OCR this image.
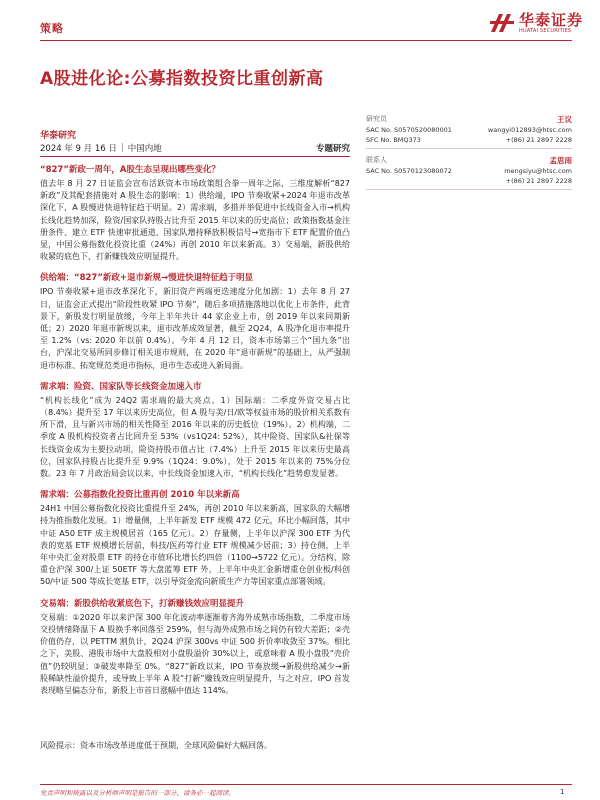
策略	华泰证券
HUATAI SECURITIES
A股进化论:公募指数投资比重创新高
华泰研究
2024 年 9 月 16 日 | 中国内地	专题研究
研究员	王议
SAC No. S0570520080001	wangyi012893@htsc.com
SFC No. BMQ373	+(86) 21 2897 2228
联系人	孟思雨
SAC No. S0570123080072	mengsiyu@htsc.com
+(86) 21 2897 2228
“827”新政一周年，A股生态呈现出哪些变化？
值去年 8 月 27 日证监会宣布活跃资本市场政策组合拳一周年之际，三维度解析“827 新政”及其配套措施对 A 股生态的影响：1）供给端，IPO 节奏收紧+2024 年退市改革深化下，A 股慢进快退特征趋于明显。2）需求端，多措并举促进中长线资金入市→机构长线化趋势加深，险资/国家队持股占比升至 2015 年以来的历史高位；政策指数基金注册条件、建立 ETF 快速审批通道、国家队增持释放积极信号→宽指市下 ETF 配置价值凸显，中国公募指数化投资比重（24%）再创 2010 年以来新高。3）交易端，新股供给收紧的底色下，打新赚钱效应明显提升。
供给端：“827”新政+退市新规→慢进快退特征趋于明显
IPO 节奏收紧+退市改革深化下，新旧资产两端更迭速度分化加剧：1）去年 8 月 27 日，证监会正式提出“阶段性收紧 IPO 节奏”，随后多项措施落地以优化上市条件，此背景下，新股发行明显放缓，今年上半年共计 44 家企业上市，创 2019 年以来同期新低；2）2020 年退市新规以来，退市改革成效显著，截至 2Q24，A 股净化退市率提升至 1.2%（vs: 2020 年以前 0.4%）。今年 4 月 12 日，资本市场第三个“国九条”出台，沪深北交易所同步修订相关退市规则，在 2020 年“退市新规”的基础上，从严强制退市标准、拓宽规范类退市指标，退市生态或进入新局面。
需求端：险资、国家队等长线资金加速入市
“机构长线化”成为 24Q2 需求端的最大亮点。1）国际端：二季度外资交易占比（8.4%）提升至 17 年以来历史高位，但 A 股与美/日/欧等权益市场的股价相关系数有所下滑，且与新兴市场的相关性降至 2016 年以来的历史低位（19%）。2）机构端，二季度 A 股机构投资者占比回升至 53%（vs1Q24: 52%），其中险资、国家队&社保等长线资金成为主要拉动项，险资持股市值占比（7.4%）上升至 2015 年以来历史最高位，国家队持股占比提升至 9.9%（1Q24：9.0%），处于 2015 年以来的 75%分位数。23 年 7 月政治局会议以来，中长线资金加速入市，“机构长线化”趋势愈发显著。
需求端：公募指数化投资比重再创 2010 年以来新高
24H1 中国公募指数化投资比重提升至 24%，再创 2010 年以来新高，国家队的大幅增持为推指数化发展。1）增量侧，上半年新发 ETF 规模 472 亿元，环比小幅回落，其中中证 A50 ETF 成主规模居首（165 亿元）。2）存量侧，上半年以沪深 300 ETF 为代表的宽基 ETF 规模增长居前，科技/医药等行业 ETF 规模减少居前；3）持仓侧，上半年中央汇金对股票 ETF 的持仓市值环比增长约四倍（1100→5722 亿元）。分结构，除重仓沪深 300/上证 50ETF 等大盘蓝筹 ETF 外，上半年中央汇金新增重仓创业板/科创 50/中证 500 等成长宽基 ETF，以引导资金流向新质生产力等国家重点部署领域。
交易端：新股供给收紧底色下，打新赚钱效应明显提升
交易端：①2020 年以来沪深 300 年化波动率逐渐着齐海外成熟市场指数，二季度市场交投情绪降温下 A 股换手率回落至 259%，但与海外成熟市场之间仍有较大差距；②壳价值仍存，以 PETTM 割负计，2Q24 沪深 300vs 中证 500 折价率收敛至 37%。相比之下，美股、港股市场中大盘股相对小盘股溢价 30%以上，或意味着 A 股小盘股“壳价值”仍较明显；③破发率降至 0%。“827”新政以来，IPO 节奏放缓→新股供给减少→新股稀缺性溢价提升，或导致上半年 A 股“打新”赚钱效应明显提升，与之对应，IPO 首发表现略呈偏态分布，新股上市首日涨幅中值达 114%。
风险提示：资本市场改革进度低于预期，全球风险偏好大幅回落。
免责声明和披露以及分析师声明是报告的一部分，请务必一起阅读。	1
